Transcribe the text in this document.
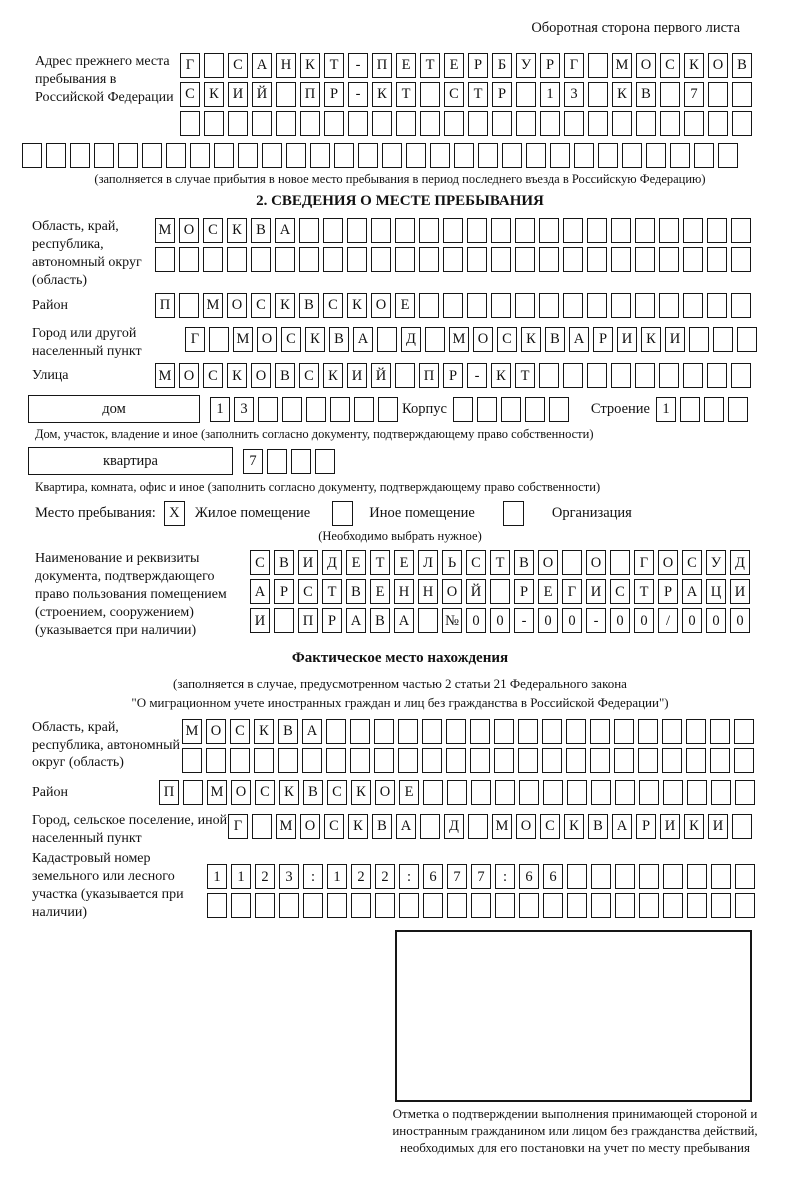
Оборотная сторона первого листа
Адрес прежнего места пребывания в Российской Федерации
Г	С А Н К	Т	-	П Е	Т	Е	Р	Б	У	Р	Г	М О С К О В
С К И Й	П	Р	-	К	Т	С	Т	Р	1	3	К В	7
(заполняется в случае прибытия в новое место пребывания в период последнего въезда в Российскую Федерацию)
2. СВЕДЕНИЯ О МЕСТЕ ПРЕБЫВАНИЯ
Область, край, республика, автономный округ (область)
М О С К В А
Район	П	М О С К В С К О Е
Город или другой населенный пункт
Г	М О С К В А	Д	М О С К В А	Р	И К И
Улица	М О С К О В С К И Й	П	Р	-	К	Т
дом	1	3	Корпус	Строение 1
Дом, участок, владение и иное (заполнить согласно документу, подтверждающему право собственности)
квартира	7
Квартира, комната, офис и иное (заполнить согласно документу, подтверждающему право собственности)
Место пребывания: X	Жилое помещение	Иное помещение	Организация
(Необходимо выбрать нужное)
Наименование и реквизиты документа, подтверждающего право пользования помещением (строением, сооружением) (указывается при наличии)
С В И Д	Е	Т	Е	Л	Ь	С	Т	В О	О	Г	О С У Д
А	Р	С	Т	В	Е Н Н О Й	Р	Е	Г	И С	Т	Р	А Ц И
И	П	Р	А В А	№ 0	0	-	0	0	-	0	0	/	0	0	0
Фактическое место нахождения
(заполняется в случае, предусмотренном частью 2 статьи 21 Федерального закона
"О миграционном учете иностранных граждан и лиц без гражданства в Российской Федерации")
Область, край, республика, автономный округ (область)
М О С К В А
Район	П	М О С К В С К О Е
Город, сельское поселение, иной населенный пункт
Г	М О С К В А	Д	М О С К В А	Р	И К И
Кадастровый номер земельного или лесного участка (указывается при наличии)
1	1	2	3	:	1	2	2	:	6	7	7	:	6	6
Отметка о подтверждении выполнения принимающей стороной и иностранным гражданином или лицом без гражданства действий, необходимых для его постановки на учет по месту пребывания
